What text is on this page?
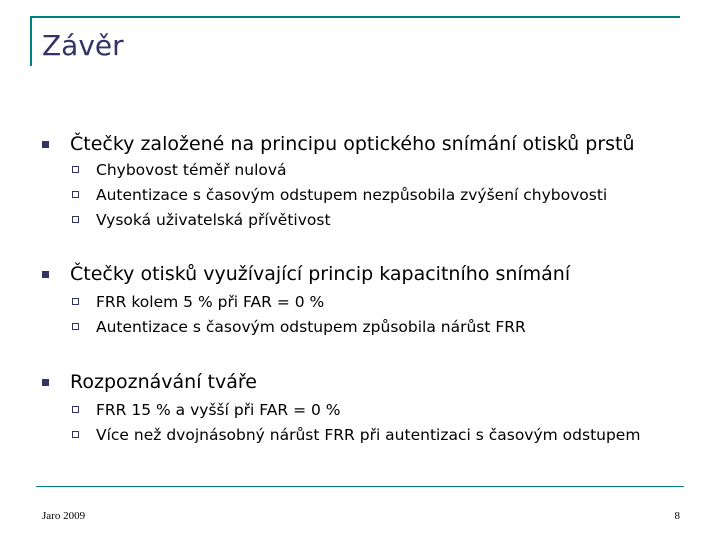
Závěr
Čtečky založené na principu optického snímání otisků prstů
Chybovost téměř nulová
Autentizace s časovým odstupem nezpůsobila zvýšení chybovosti
Vysoká uživatelská přívětivost
Čtečky otisků využívající princip kapacitního snímání
FRR kolem 5 % při FAR = 0 %
Autentizace s časovým odstupem způsobila nárůst FRR
Rozpoznávání tváře
FRR 15 % a vyšší při FAR = 0 %
Více než dvojnásobný nárůst FRR při autentizaci s časovým odstupem
Jaro 2009	8
